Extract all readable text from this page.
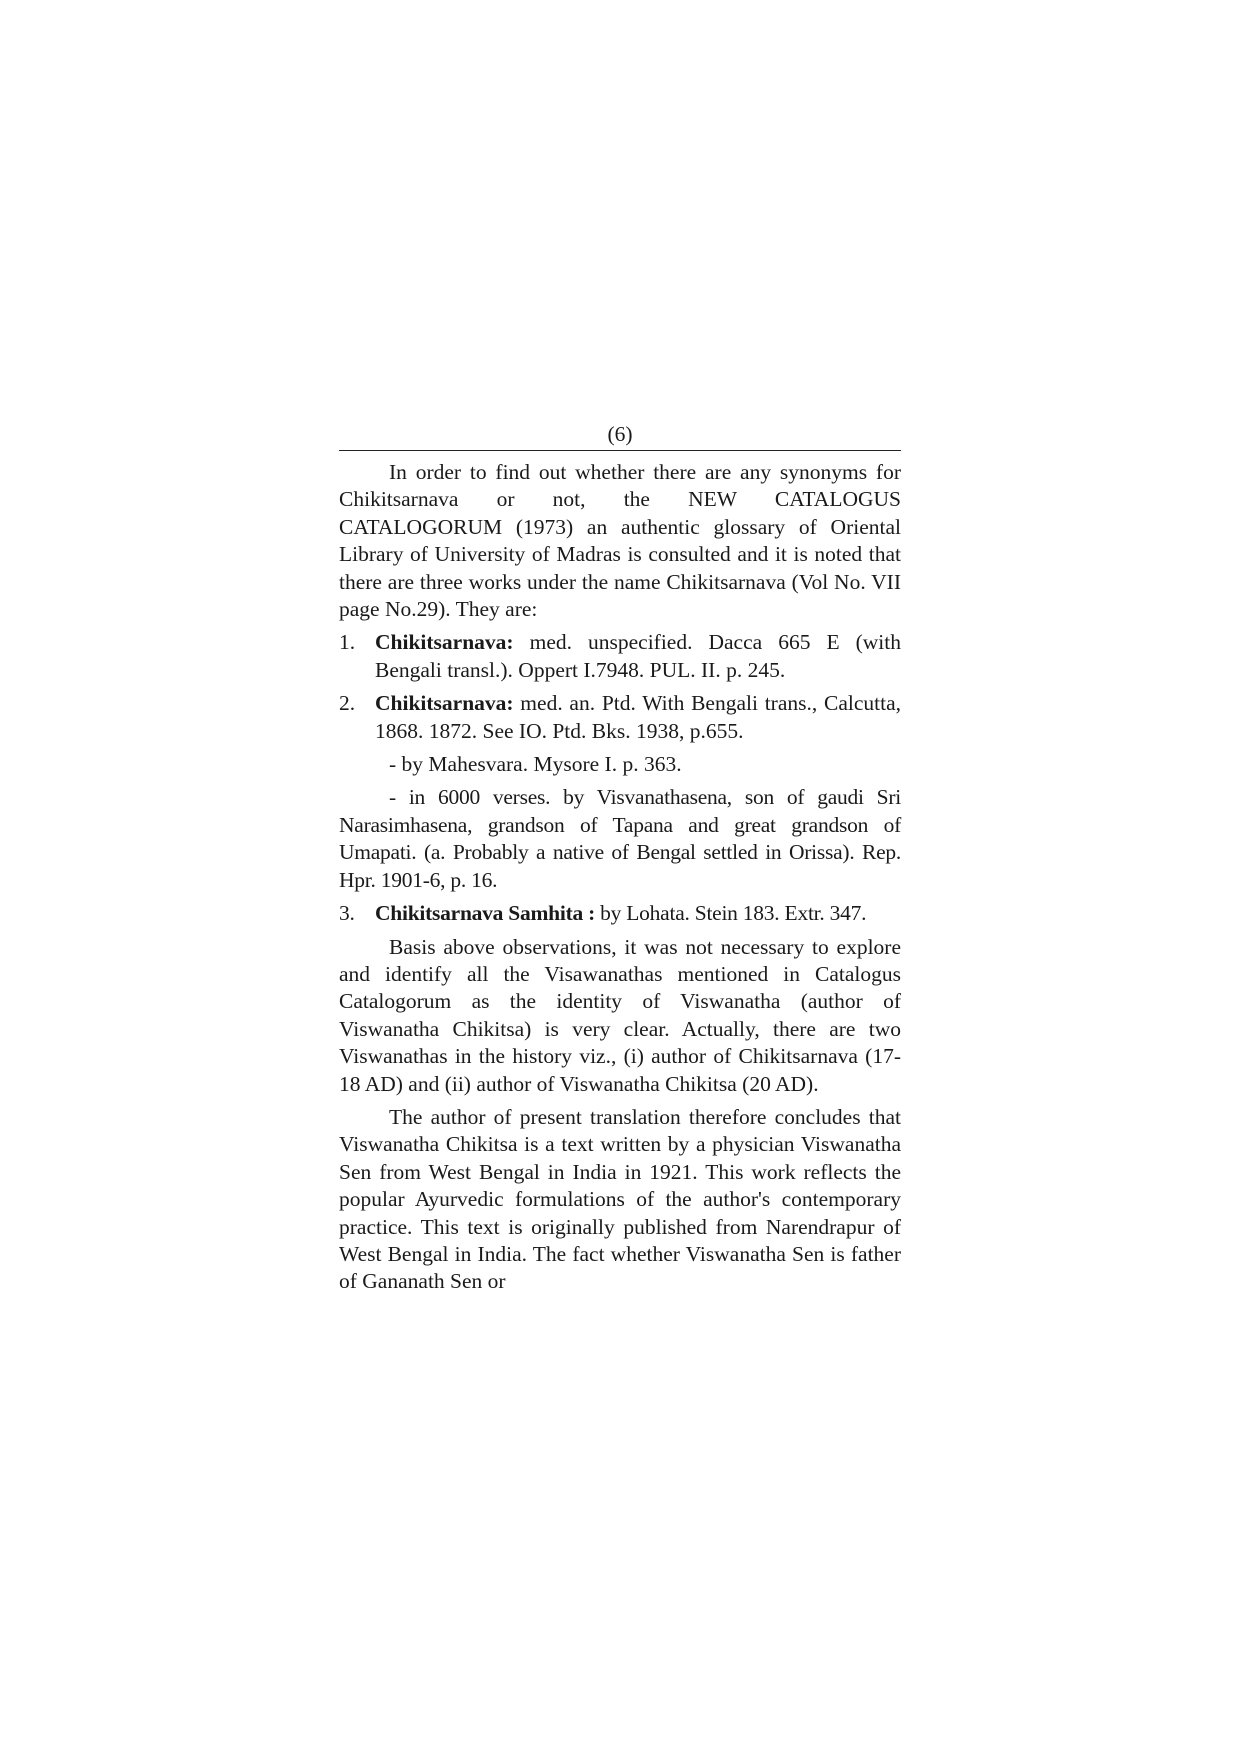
(6)

In order to find out whether there are any synonyms for Chikitsarnava or not, the NEW CATALOGUS CATALOGORUM (1973) an authentic glossary of Oriental Library of University of Madras is consulted and it is noted that there are three works under the name Chikitsarnava (Vol No. VII page No.29). They are:

1. Chikitsarnava: med. unspecified. Dacca 665 E (with Bengali transl.). Oppert I.7948. PUL. II. p. 245.
2. Chikitsarnava: med. an. Ptd. With Bengali trans., Calcutta, 1868. 1872. See IO. Ptd. Bks. 1938, p.655.
- by Mahesvara. Mysore I. p. 363.

- in 6000 verses. by Visvanathasena, son of gaudi Sri Narasimhasena, grandson of Tapana and great grandson of Umapati. (a. Probably a native of Bengal settled in Orissa). Rep. Hpr. 1901-6, p. 16.

3. Chikitsarnava Samhita : by Lohata. Stein 183. Extr. 347.

Basis above observations, it was not necessary to explore and identify all the Visawanathas mentioned in Catalogus Catalogorum as the identity of Viswanatha (author of Viswanatha Chikitsa) is very clear. Actually, there are two Viswanathas in the history viz., (i) author of Chikitsarnava (17-18 AD) and (ii) author of Viswanatha Chikitsa (20 AD).

The author of present translation therefore concludes that Viswanatha Chikitsa is a text written by a physician Viswanatha Sen from West Bengal in India in 1921. This work reflects the popular Ayurvedic formulations of the author's contemporary practice. This text is originally published from Narendrapur of West Bengal in India. The fact whether Viswanatha Sen is father of Gananath Sen or
